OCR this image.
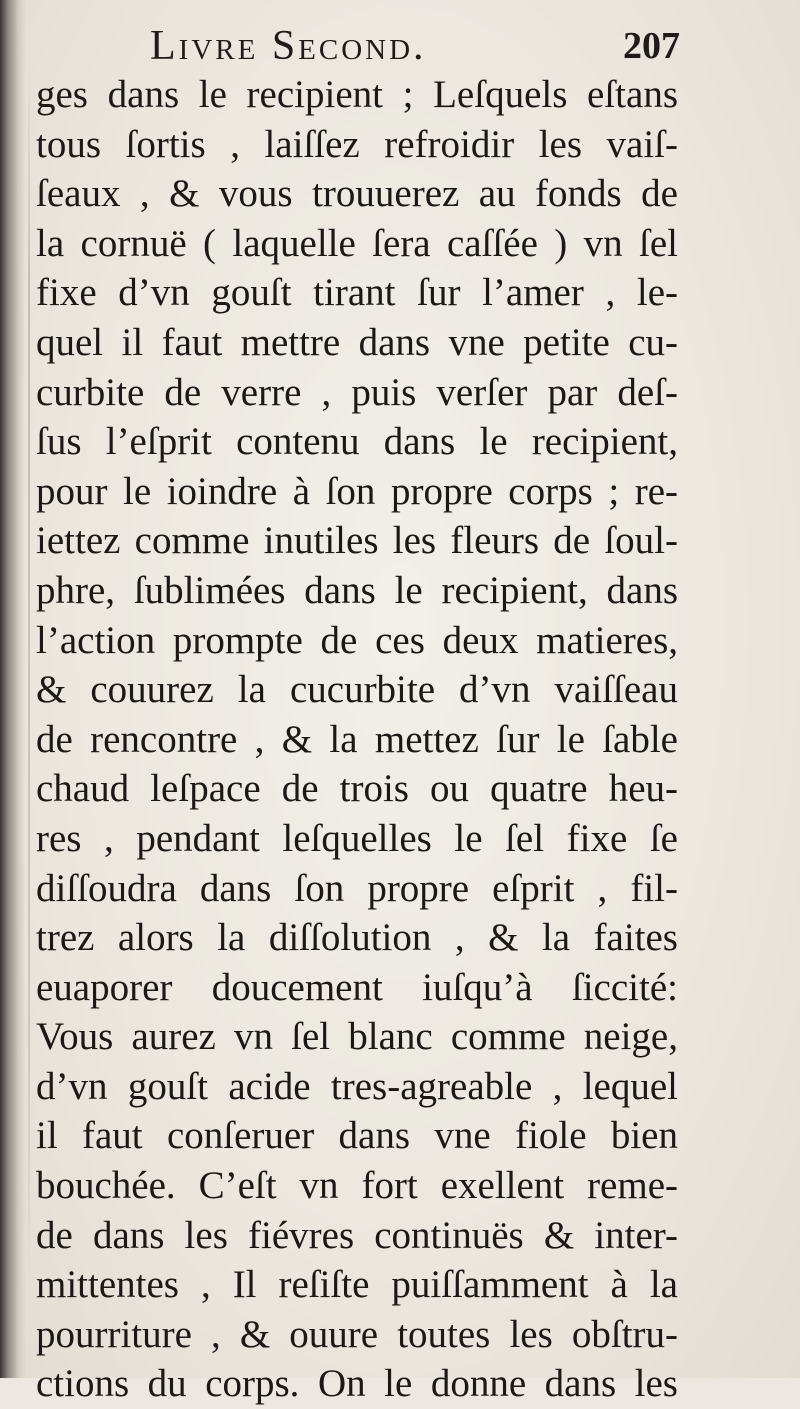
Livre Second.	207
ges dans le recipient ; Leſquels eſtans
tous ſortis , laiſſez refroidir les vaiſ-
ſeaux , & vous trouuerez au fonds de
la cornuë ( laquelle ſera caſſée ) vn ſel
fixe d’vn gouſt tirant ſur l’amer , le-
quel il faut mettre dans vne petite cu-
curbite de verre , puis verſer par deſ-
ſus l’eſprit contenu dans le recipient,
pour le ioindre à ſon propre corps ; re-
iettez comme inutiles les fleurs de ſoul-
phre, ſublimées dans le recipient, dans
l’action prompte de ces deux matieres,
& couurez la cucurbite d’vn vaiſſeau
de rencontre , & la mettez ſur le ſable
chaud leſpace de trois ou quatre heu-
res , pendant leſquelles le ſel fixe ſe
diſſoudra dans ſon propre eſprit , fil-
trez alors la diſſolution , & la faites
euaporer doucement iuſqu’à ſiccité:
Vous aurez vn ſel blanc comme neige,
d’vn gouſt acide tres-agreable , lequel
il faut conſeruer dans vne fiole bien
bouchée. C’eſt vn fort exellent reme-
de dans les fiévres continuës & inter-
mittentes , Il reſiſte puiſſamment à la
pourriture , & ouure toutes les obſtru-
ctions du corps. On le donne dans les
